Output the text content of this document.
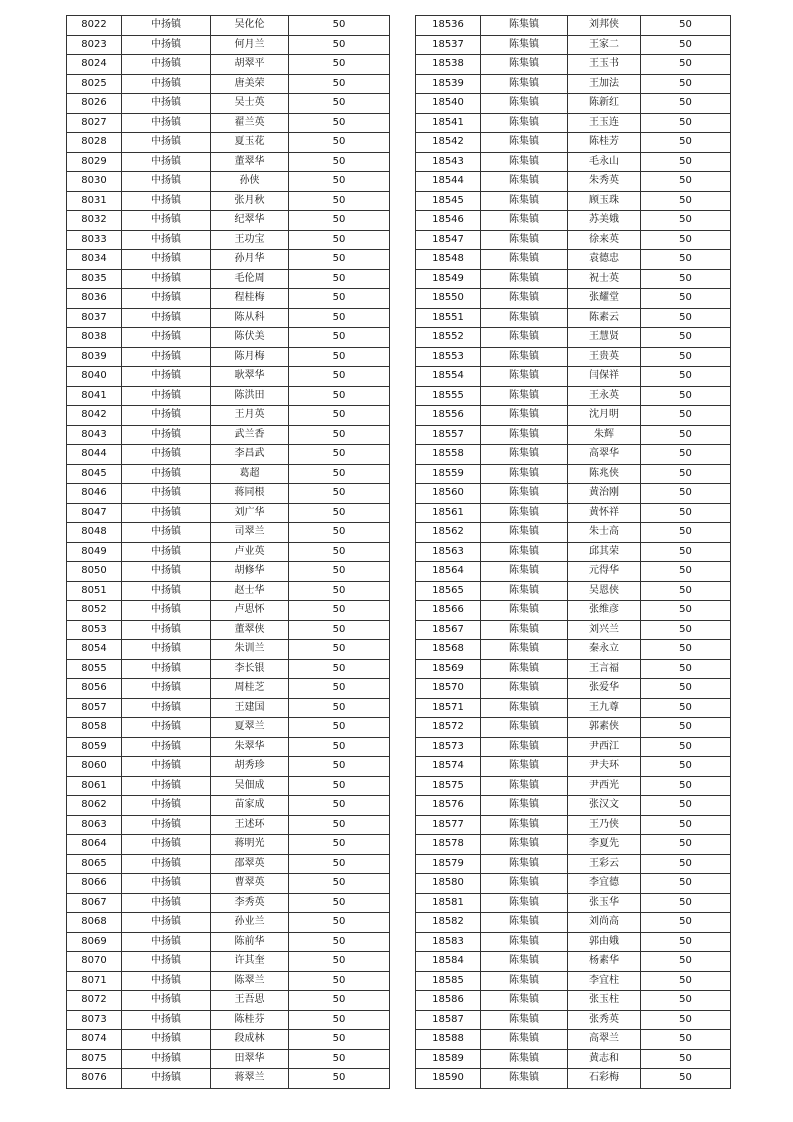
8022	中扬镇	吴化伦	50
8023	中扬镇	何月兰	50
8024	中扬镇	胡翠平	50
8025	中扬镇	唐美荣	50
8026	中扬镇	吴士英	50
8027	中扬镇	翟兰英	50
8028	中扬镇	夏玉花	50
8029	中扬镇	董翠华	50
8030	中扬镇	孙侠	50
8031	中扬镇	张月秋	50
8032	中扬镇	纪翠华	50
8033	中扬镇	王功宝	50
8034	中扬镇	孙月华	50
8035	中扬镇	毛伦周	50
8036	中扬镇	程桂梅	50
8037	中扬镇	陈从科	50
8038	中扬镇	陈伏美	50
8039	中扬镇	陈月梅	50
8040	中扬镇	耿翠华	50
8041	中扬镇	陈洪田	50
8042	中扬镇	王月英	50
8043	中扬镇	武兰香	50
8044	中扬镇	李昌武	50
8045	中扬镇	葛超	50
8046	中扬镇	蒋同根	50
8047	中扬镇	刘广华	50
8048	中扬镇	司翠兰	50
8049	中扬镇	卢业英	50
8050	中扬镇	胡修华	50
8051	中扬镇	赵士华	50
8052	中扬镇	卢思怀	50
8053	中扬镇	董翠侠	50
8054	中扬镇	朱训兰	50
8055	中扬镇	李长银	50
8056	中扬镇	周桂芝	50
8057	中扬镇	王建国	50
8058	中扬镇	夏翠兰	50
8059	中扬镇	朱翠华	50
8060	中扬镇	胡秀珍	50
8061	中扬镇	吴佃成	50
8062	中扬镇	苗家成	50
8063	中扬镇	王述环	50
8064	中扬镇	蒋明光	50
8065	中扬镇	邵翠英	50
8066	中扬镇	曹翠英	50
8067	中扬镇	李秀英	50
8068	中扬镇	孙业兰	50
8069	中扬镇	陈前华	50
8070	中扬镇	许其奎	50
8071	中扬镇	陈翠兰	50
8072	中扬镇	王吾思	50
8073	中扬镇	陈桂芬	50
8074	中扬镇	段成林	50
8075	中扬镇	田翠华	50
8076	中扬镇	蒋翠兰	50
18536	陈集镇	刘邦侠	50
18537	陈集镇	王家二	50
18538	陈集镇	王玉书	50
18539	陈集镇	王加法	50
18540	陈集镇	陈新红	50
18541	陈集镇	王玉连	50
18542	陈集镇	陈桂芳	50
18543	陈集镇	毛永山	50
18544	陈集镇	朱秀英	50
18545	陈集镇	顾玉珠	50
18546	陈集镇	苏美娥	50
18547	陈集镇	徐来英	50
18548	陈集镇	袁德忠	50
18549	陈集镇	祝士英	50
18550	陈集镇	张耀堂	50
18551	陈集镇	陈素云	50
18552	陈集镇	王慧贤	50
18553	陈集镇	王贵英	50
18554	陈集镇	闫保祥	50
18555	陈集镇	王永英	50
18556	陈集镇	沈月明	50
18557	陈集镇	朱辉	50
18558	陈集镇	高翠华	50
18559	陈集镇	陈兆侠	50
18560	陈集镇	黄治刚	50
18561	陈集镇	黄怀祥	50
18562	陈集镇	朱士高	50
18563	陈集镇	邱其荣	50
18564	陈集镇	元得华	50
18565	陈集镇	吴恩侠	50
18566	陈集镇	张维彦	50
18567	陈集镇	刘兴兰	50
18568	陈集镇	秦永立	50
18569	陈集镇	王言福	50
18570	陈集镇	张爱华	50
18571	陈集镇	王九尊	50
18572	陈集镇	郭素侠	50
18573	陈集镇	尹西江	50
18574	陈集镇	尹夫环	50
18575	陈集镇	尹西光	50
18576	陈集镇	张汉文	50
18577	陈集镇	王乃侠	50
18578	陈集镇	李夏先	50
18579	陈集镇	王彩云	50
18580	陈集镇	李宜德	50
18581	陈集镇	张玉华	50
18582	陈集镇	刘尚高	50
18583	陈集镇	郭由娥	50
18584	陈集镇	杨素华	50
18585	陈集镇	李宜柱	50
18586	陈集镇	张玉柱	50
18587	陈集镇	张秀英	50
18588	陈集镇	高翠兰	50
18589	陈集镇	黄志和	50
18590	陈集镇	石彩梅	50
